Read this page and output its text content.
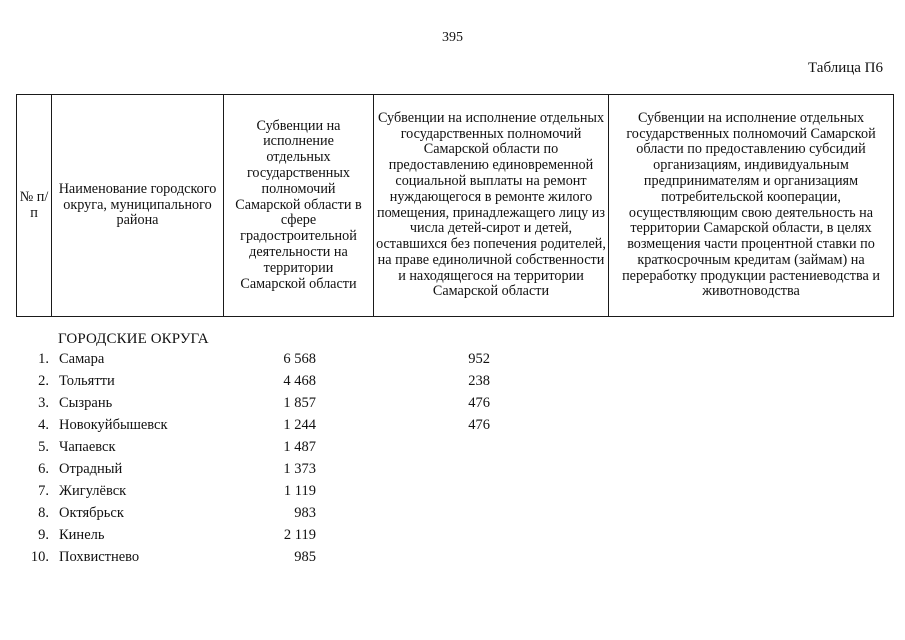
395
Таблица П6
№ п/п	Наименование городского округа, муниципального района	Субвенции на исполнение отдельных государственных полномочий Самарской области в сфере градостроительной деятельности на территории Самарской области	Субвенции на исполнение отдельных государственных полномочий Самарской области по предоставлению единовременной социальной выплаты на ремонт нуждающегося в ремонте жилого помещения, принадлежащего лицу из числа детей-сирот и детей, оставшихся без попечения родителей, на праве единоличной собственности и находящегося на территории Самарской области	Субвенции на исполнение отдельных государственных полномочий Самарской области по предоставлению субсидий организациям, индивидуальным предпринимателям и организациям потребительской кооперации, осуществляющим свою деятельность на территории Самарской области, в целях возмещения части процентной ставки по краткосрочным кредитам (займам) на переработку продукции растениеводства и животноводства
ГОРОДСКИЕ ОКРУГА
1. Самара	6 568	952
2. Тольятти	4 468	238
3. Сызрань	1 857	476
4. Новокуйбышевск	1 244	476
5. Чапаевск	1 487
6. Отрадный	1 373
7. Жигулёвск	1 119
8. Октябрьск	983
9. Кинель	2 119
10. Похвистнево	985
